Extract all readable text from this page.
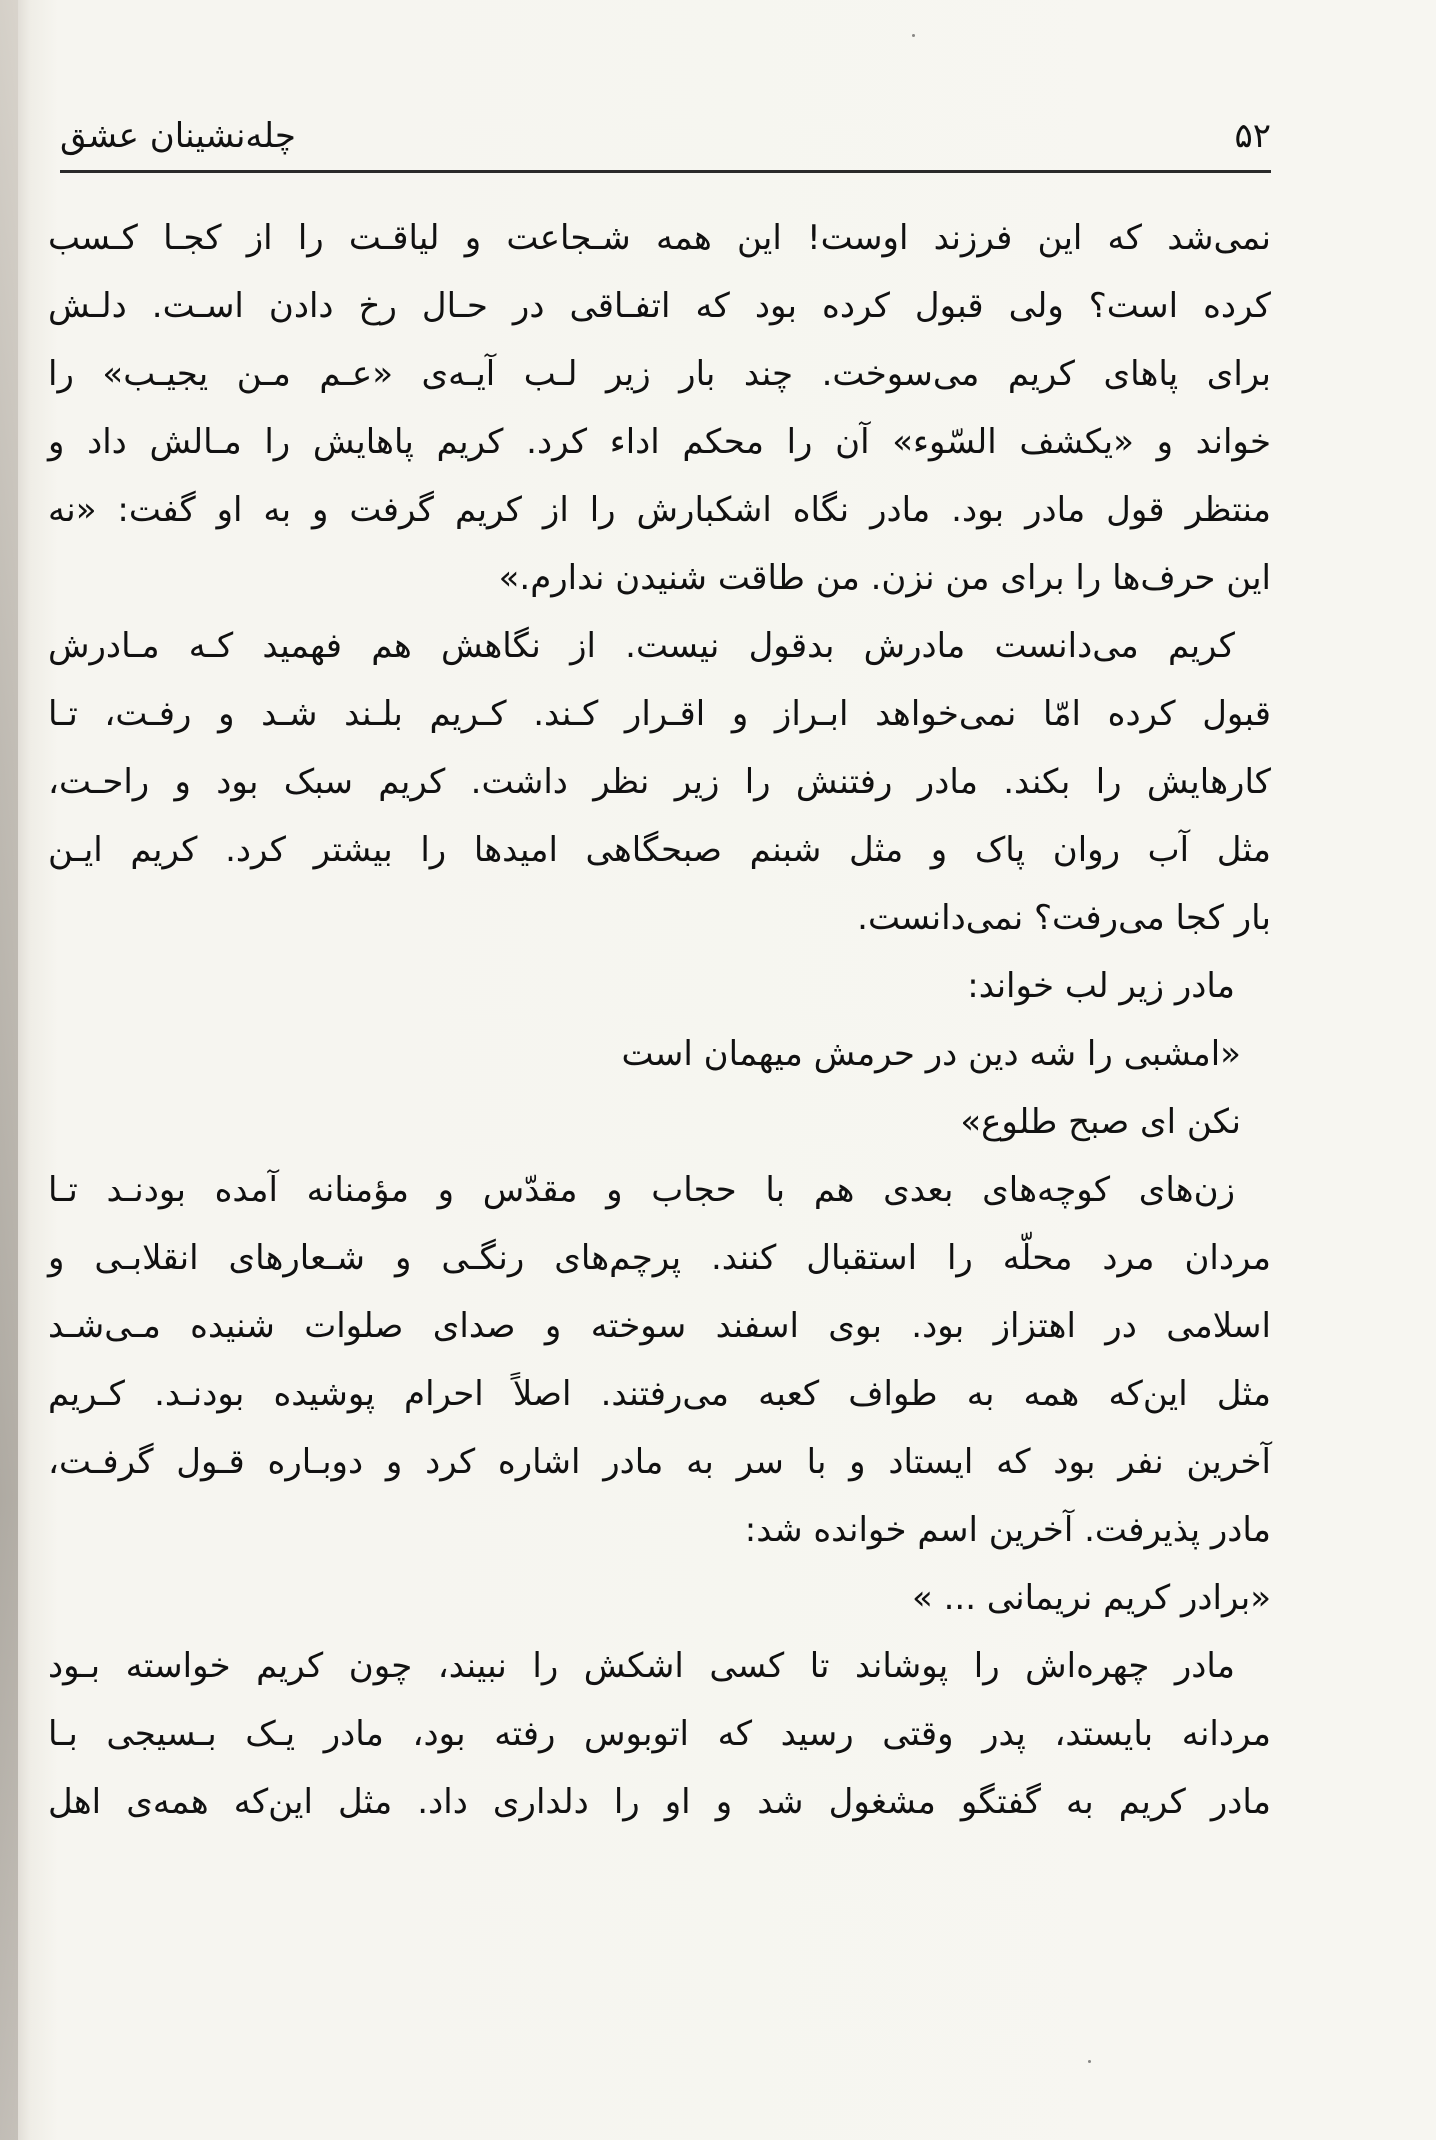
چله‌نشینان عشق	۵۲
نمی‌شد که این فرزند اوست! این همه شـجاعت و لیاقـت را از کجـا کـسب
کرده است؟ ولی قبول کرده بود که اتفـاقی در حـال رخ دادن اسـت. دلـش
برای پاهای کریم می‌سوخت. چند بار زیر لـب آیـه‌ی «عـم مـن یجیـب» را
خواند و «یکشف السّوء» آن را محکم اداء کرد. کریم پاهایش را مـالش داد و
منتظر قول مادر بود. مادر نگاه اشکبارش را از کریم گرفت و به او گفت: «نه
این حرف‌ها را برای من نزن. من طاقت شنیدن ندارم.»
کریم می‌دانست مادرش بدقول نیست. از نگاهش هم فهمید کـه مـادرش
قبول کرده امّا نمی‌خواهد ابـراز و اقـرار کـند. کـریم بلـند شـد و رفـت، تـا
کارهایش را بکند. مادر رفتنش را زیر نظر داشت. کریم سبک بود و راحـت،
مثل آب روان پاک و مثل شبنم صبحگاهی امیدها را بیشتر کرد. کریم ایـن
بار کجا می‌رفت؟ نمی‌دانست.
مادر زیر لب خواند:
«امشبی را شه دین در حرمش میهمان است
نکن ای صبح طلوع»
زن‌های کوچه‌های بعدی هم با حجاب و مقدّس و مؤمنانه آمده بودنـد تـا
مردان مرد محلّه را استقبال کنند. پرچم‌های رنگـی و شـعارهای انقلابـی و
اسلامی در اهتزاز بود. بوی اسفند سوخته و صدای صلوات شنیده مـی‌شـد
مثل این‌که همه به طواف کعبه می‌رفتند. اصلاً احرام پوشیده بودنـد. کـریم
آخرین نفر بود که ایستاد و با سر به مادر اشاره کرد و دوبـاره قـول گرفـت،
مادر پذیرفت. آخرین اسم خوانده شد:
«برادر کریم نریمانی ... »
مادر چهره‌اش را پوشاند تا کسی اشکش را نبیند، چون کریم خواسته بـود
مردانه بایستد، پدر وقتی رسید که اتوبوس رفته بود، مادر یـک بـسیجی بـا
مادر کریم به گفتگو مشغول شد و او را دلداری داد. مثل این‌که همه‌ی اهل
